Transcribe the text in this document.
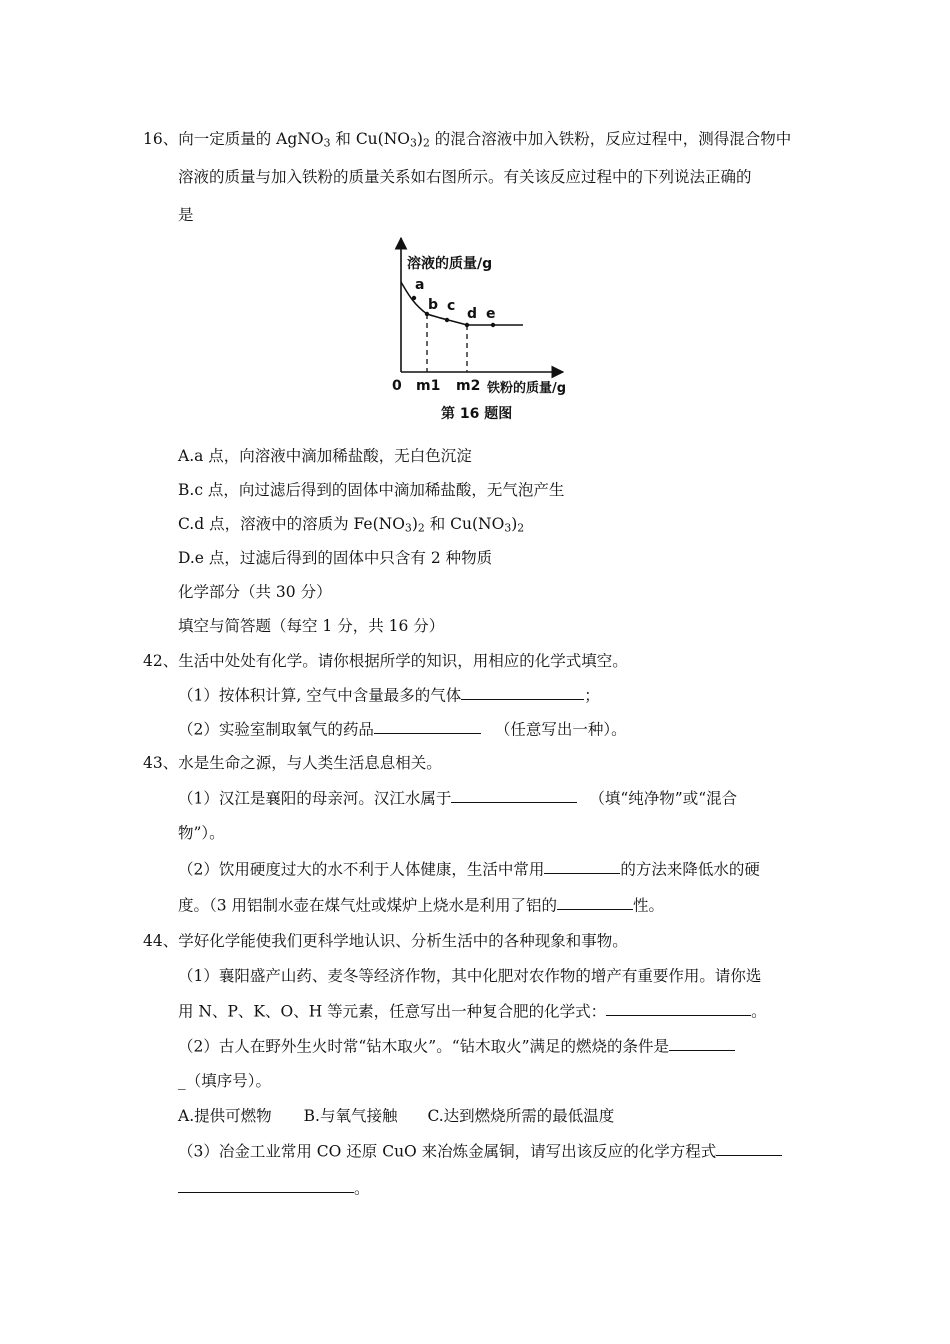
16、向一定质量的 AgNO$_3$ 和 $Cu(NO_3)_2$ 的混合溶液中加入铁粉，反应过程中，测得混合物中
溶液的质量与加入铁粉的质量关系如右图所示。有关该反应过程中的下列说法正确的
是
溶液的质量/g
a
b c d e
0 m1 m2 铁粉的质量/g
第 16 题图
A.a 点，向溶液中滴加稀盐酸，无白色沉淀
B.c 点，向过滤后得到的固体中滴加稀盐酸，无气泡产生
C.d 点，溶液中的溶质为 $Fe(NO_3)_2$ 和 $Cu(NO_3)_2$
D.e 点，过滤后得到的固体中只含有 2 种物质
化学部分（共 30 分）
填空与简答题（每空 1 分，共 16 分）
42、生活中处处有化学。请你根据所学的知识，用相应的化学式填空。
（1）按体积计算, 空气中含量最多的气体	；
（2）实验室制取氧气的药品	（任意写出一种）。
43、水是生命之源，与人类生活息息相关。
（1）汉江是襄阳的母亲河。汉江水属于	（填“纯净物”或“混合
物”）。
（2）饮用硬度过大的水不利于人体健康，生活中常用	的方法来降低水的硬
度。（3 用铝制水壶在煤气灶或煤炉上烧水是利用了铝的	性。
44、学好化学能使我们更科学地认识、分析生活中的各种现象和事物。
（1）襄阳盛产山药、麦冬等经济作物，其中化肥对农作物的增产有重要作用。请你选
用 N、P、K、O、H 等元素，任意写出一种复合肥的化学式：	。
（2）古人在野外生火时常“钻木取火”。“钻木取火”满足的燃烧的条件是
_（填序号）。
A.提供可燃物 B.与氧气接触 C.达到燃烧所需的最低温度
（3）冶金工业常用 CO 还原 CuO 来冶炼金属铜，请写出该反应的化学方程式
。
